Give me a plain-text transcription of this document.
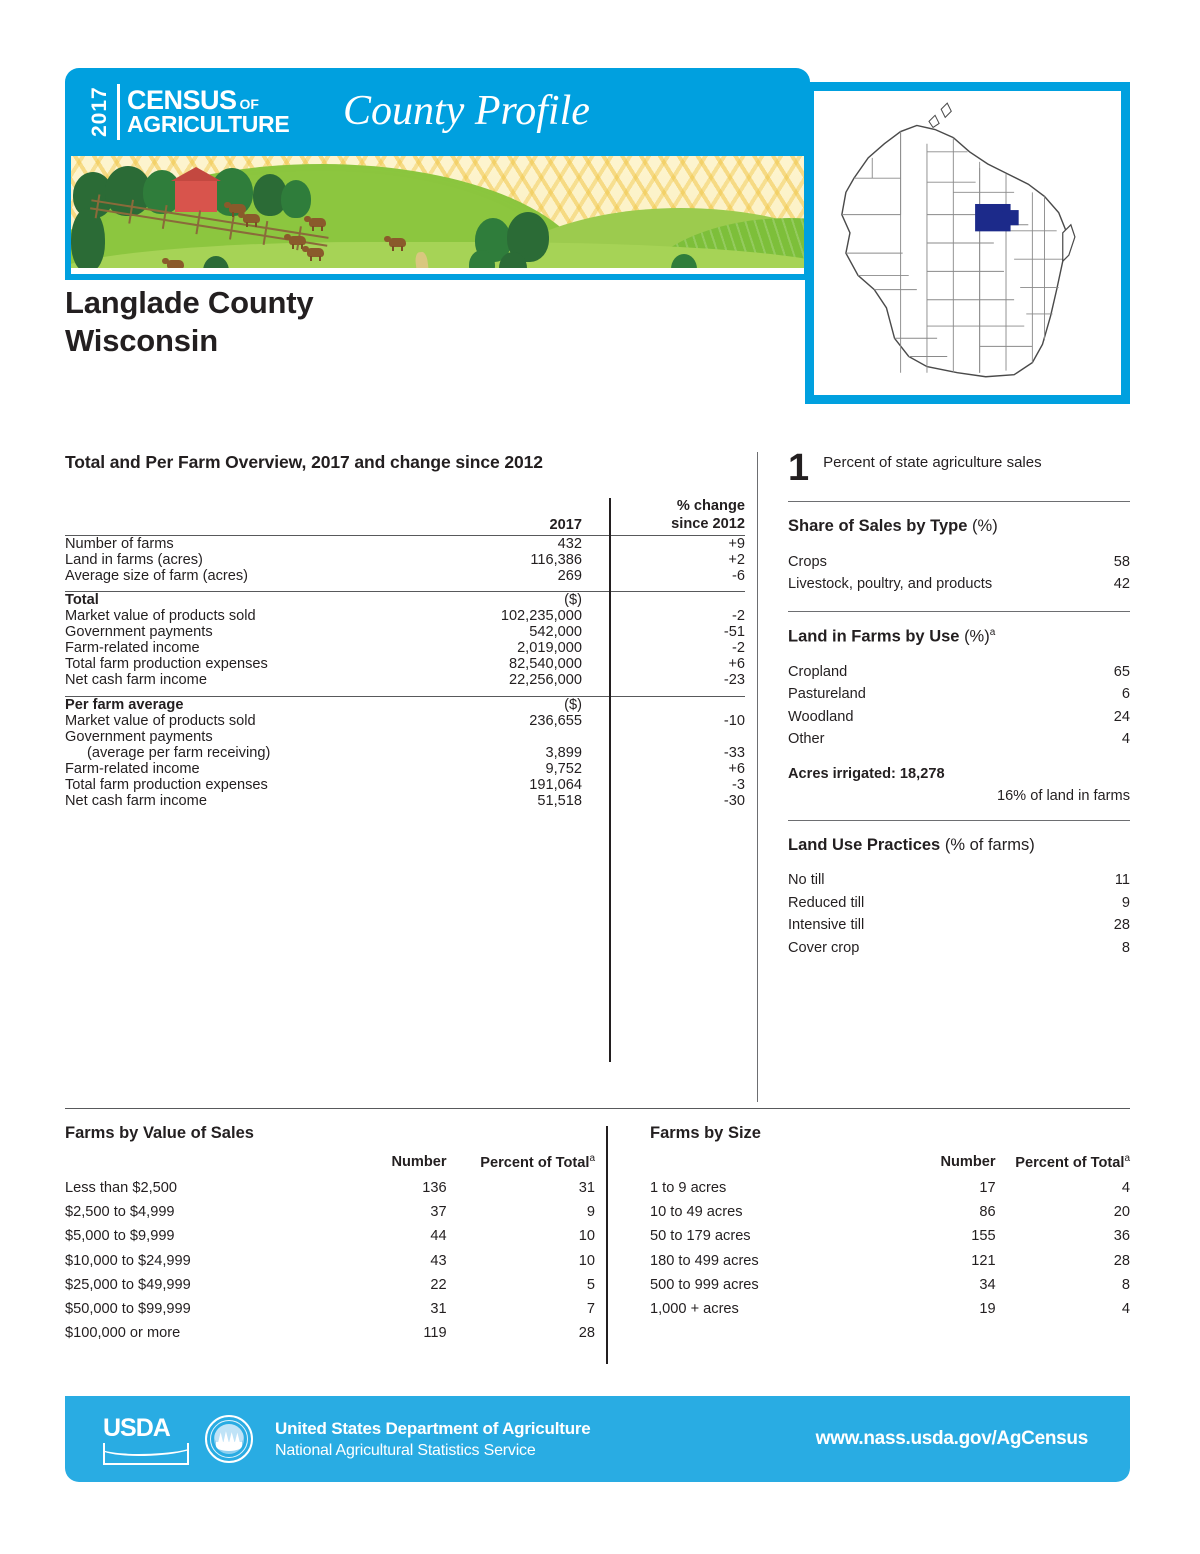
2017 CENSUS OF
AGRICULTURE County Profile
Langlade County
Wisconsin
Total and Per Farm Overview, 2017 and change since 2012
	2017	% change
since 2012

Number of farms	432	+9
Land in farms (acres)	116,386	+2
Average size of farm (acres)	269	-6

Total	($)	
Market value of products sold	102,235,000	-2
Government payments	542,000	-51
Farm-related income	2,019,000	-2
Total farm production expenses	82,540,000	+6
Net cash farm income	22,256,000	-23

Per farm average	($)	
Market value of products sold	236,655	-10
Government payments		
(average per farm receiving)	3,899	-33
Farm-related income	9,752	+6
Total farm production expenses	191,064	-3
Net cash farm income	51,518	-30
1 Percent of state agriculture sales
Share of Sales by Type (%)
Crops	58
Livestock, poultry, and products	42
Land in Farms by Use (%)$^a$
Cropland	65
Pastureland	6
Woodland	24
Other	4
Acres irrigated: 18,278
16% of land in farms
Land Use Practices (% of farms)
No till	11
Reduced till	9
Intensive till	28
Cover crop	8
Farms by Value of Sales
	Number	Percent of Total$^a$
Less than $2,500	136	31
$2,500 to $4,999	37	9
$5,000 to $9,999	44	10
$10,000 to $24,999	43	10
$25,000 to $49,999	22	5
$50,000 to $99,999	31	7
$100,000 or more	119	28
Farms by Size
	Number	Percent of Total$^a$
1 to 9 acres	17	4
10 to 49 acres	86	20
50 to 179 acres	155	36
180 to 499 acres	121	28
500 to 999 acres	34	8
1,000 + acres	19	4
USDA	United States Department of Agriculture
National Agricultural Statistics Service
www.nass.usda.gov/AgCensus
